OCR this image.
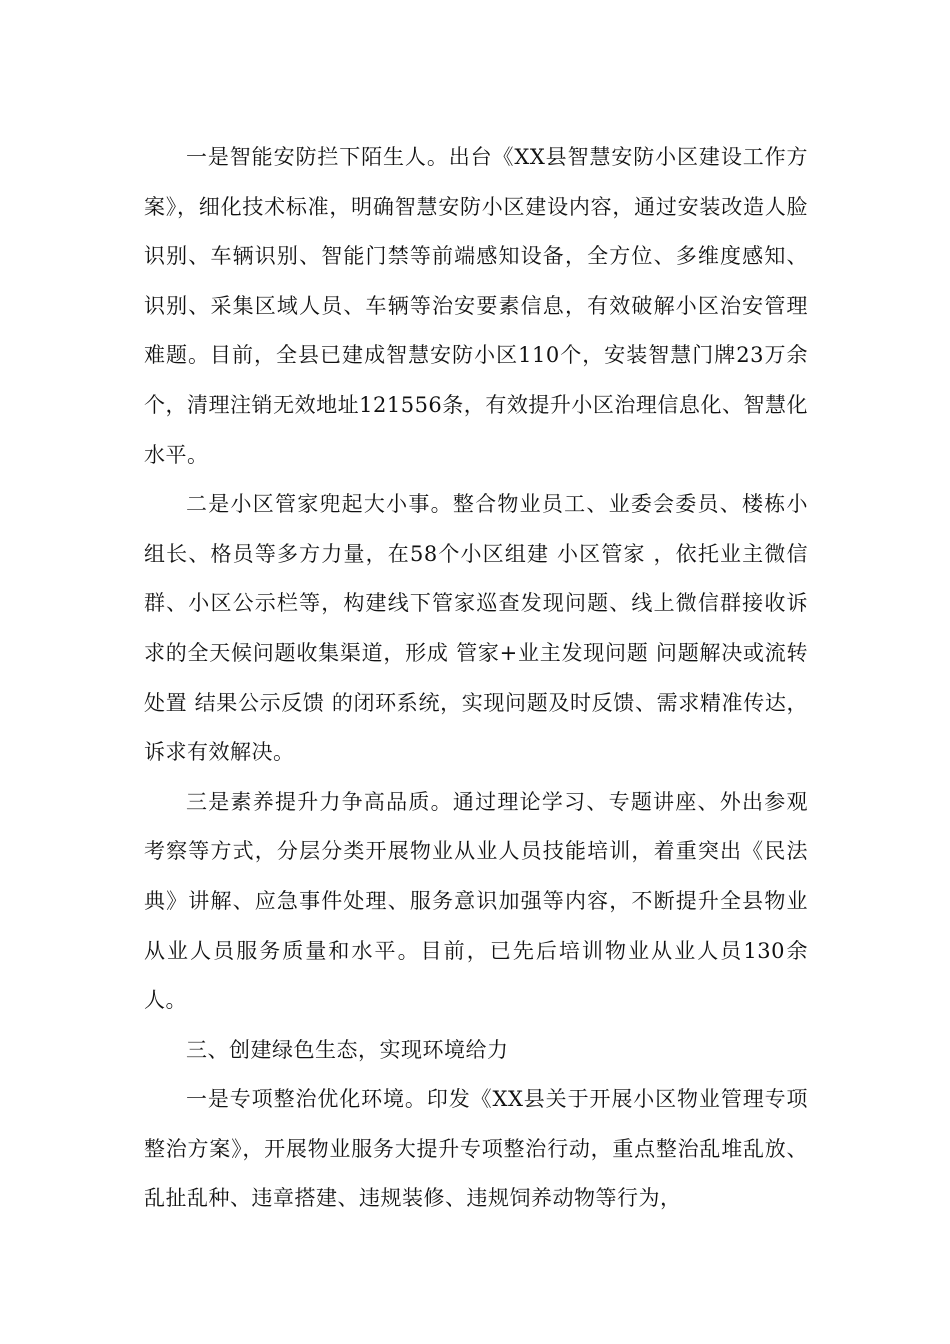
一是智能安防拦下陌生人。出台《XX县智慧安防小区建设工作方案》，细化技术标准，明确智慧安防小区建设内容，通过安装改造人脸识别、车辆识别、智能门禁等前端感知设备，全方位、多维度感知、识别、采集区域人员、车辆等治安要素信息，有效破解小区治安管理难题。目前，全县已建成智慧安防小区110个，安装智慧门牌23万余个，清理注销无效地址121556条，有效提升小区治理信息化、智慧化水平。

二是小区管家兜起大小事。整合物业员工、业委会委员、楼栋小组长、格员等多方力量，在58个小区组建 小区管家 ，依托业主微信群、小区公示栏等，构建线下管家巡查发现问题、线上微信群接收诉求的全天候问题收集渠道，形成 管家+业主发现问题 问题解决或流转处置 结果公示反馈 的闭环系统，实现问题及时反馈、需求精准传达，诉求有效解决。

三是素养提升力争高品质。通过理论学习、专题讲座、外出参观考察等方式，分层分类开展物业从业人员技能培训，着重突出《民法典》讲解、应急事件处理、服务意识加强等内容，不断提升全县物业从业人员服务质量和水平。目前，已先后培训物业从业人员130余人。

三、创建绿色生态，实现环境给力

一是专项整治优化环境。印发《XX县关于开展小区物业管理专项整治方案》，开展物业服务大提升专项整治行动，重点整治乱堆乱放、乱扯乱种、违章搭建、违规装修、违规饲养动物等行为，
